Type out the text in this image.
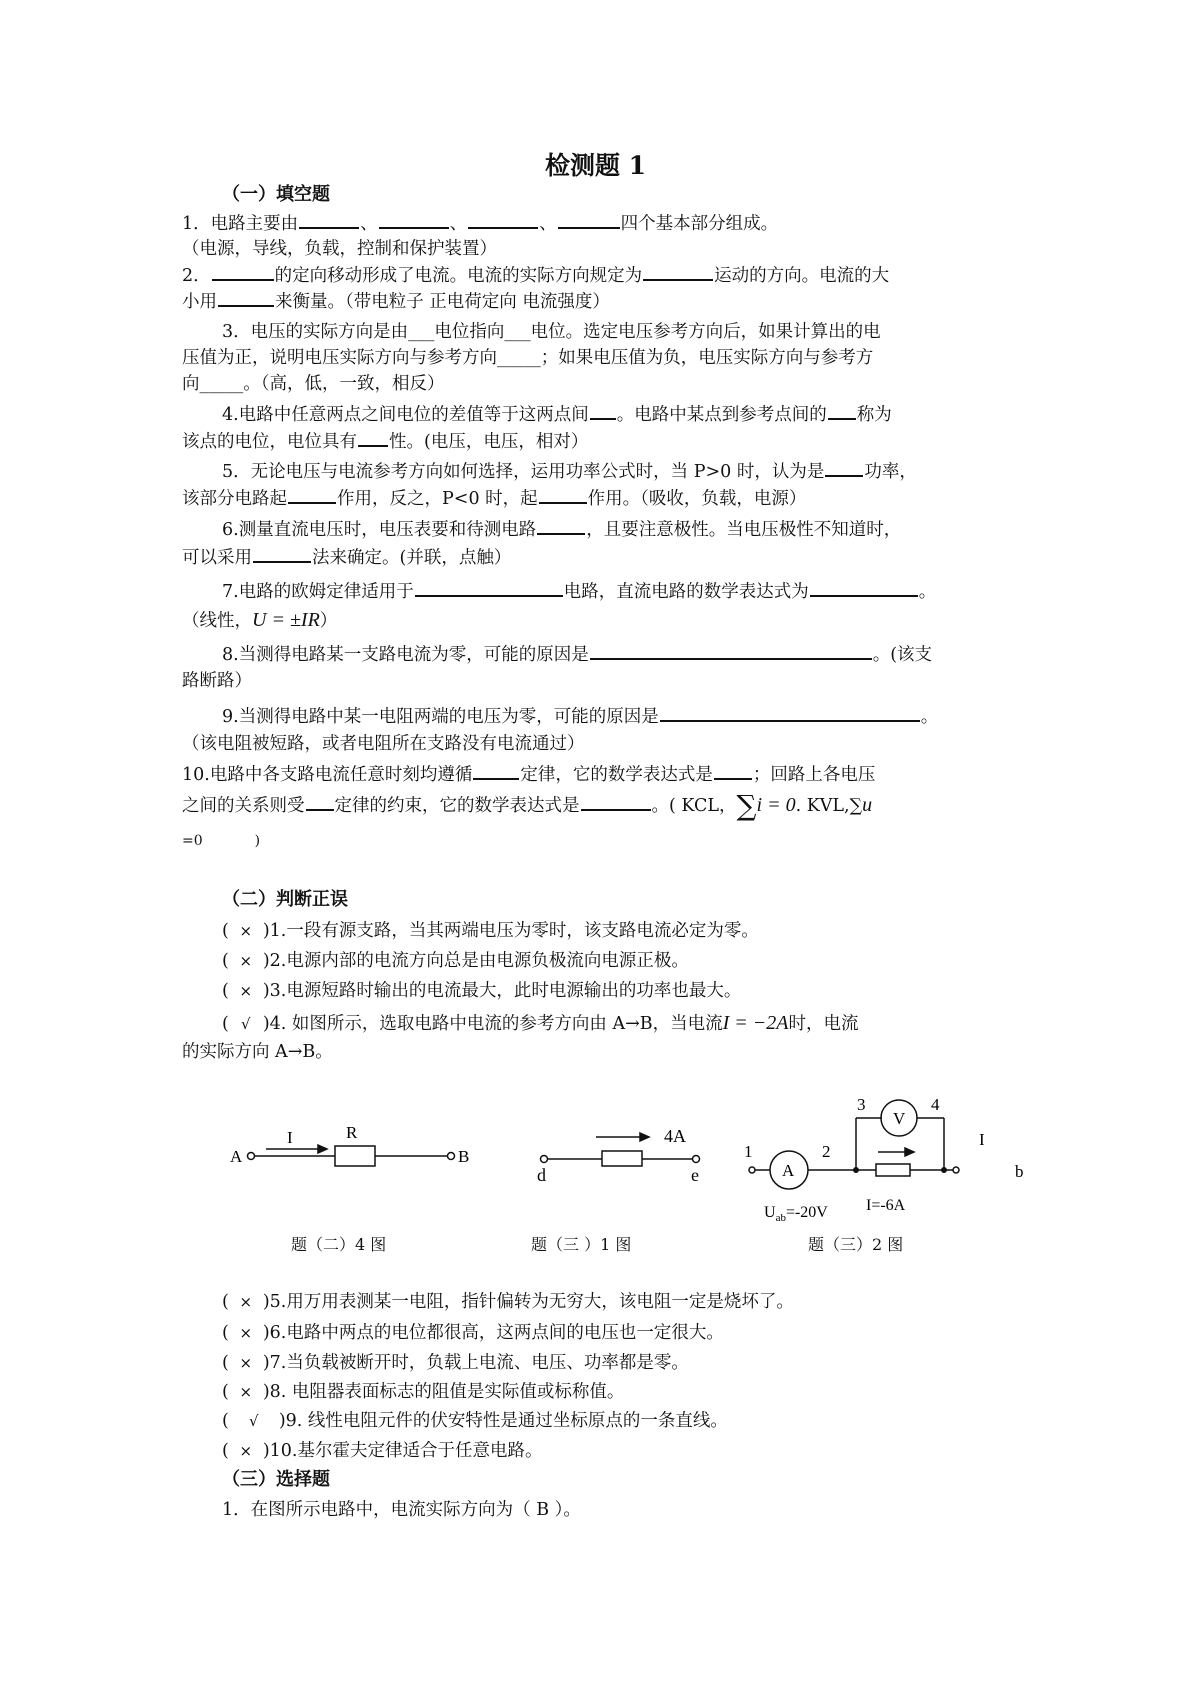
检测题 1
（一）填空题
1．电路主要由	、	、	、	四个基本部分组成。
（电源，导线，负载，控制和保护装置）
2．	的定向移动形成了电流。电流的实际方向规定为	运动的方向。电流的大
小用	来衡量。（带电粒子 正电荷定向 电流强度）
3．电压的实际方向是由___电位指向___电位。选定电压参考方向后，如果计算出的电
压值为正，说明电压实际方向与参考方向_____；如果电压值为负，电压实际方向与参考方
向_____。（高，低，一致，相反）
4.电路中任意两点之间电位的差值等于这两点间 。电路中某点到参考点间的 称为
该点的电位，电位具有 性。(电压，电压，相对）
5．无论电压与电流参考方向如何选择，运用功率公式时，当 P>0 时，认为是 功率，
该部分电路起	作用，反之，P<0 时，起	作用。（吸收，负载，电源）
6.测量直流电压时，电压表要和待测电路	，且要注意极性。当电压极性不知道时，
可以采用	法来确定。(并联，点触）
7.电路的欧姆定律适用于	电路，直流电路的数学表达式为	。
（线性，U = ±IR）
8.当测得电路某一支路电流为零，可能的原因是	。(该支
路断路）
9.当测得电路中某一电阻两端的电压为零，可能的原因是	。
（该电阻被短路，或者电阻所在支路没有电流通过）
10.电路中各支路电流任意时刻均遵循	定律，它的数学表达式是 ；回路上各电压
之间的关系则受 定律的约束，它的数学表达式是	。( KCL，∑i = 0. KVL,∑u
=0	)
（二）判断正误
( × )1.一段有源支路，当其两端电压为零时，该支路电流必定为零。
( × )2.电源内部的电流方向总是由电源负极流向电源正极。
( × )3.电源短路时输出的电流最大，此时电源输出的功率也最大。
( √ )4. 如图所示，选取电路中电流的参考方向由 A→B，当电流I = −2A时，电流
的实际方向 A→B。
A	B
I	R
d	e
4A
A
V
1	2
3	4
I
b
$U_{ab}=-20V$ I=-6A
题（二）4 图	题（三 ）1 图	题（三）2 图
( × )5.用万用表测某一电阻，指针偏转为无穷大，该电阻一定是烧坏了。
( × )6.电路中两点的电位都很高，这两点间的电压也一定很大。
( × )7.当负载被断开时，负载上电流、电压、功率都是零。
( × )8. 电阻器表面标志的阻值是实际值或标称值。
( √ )9. 线性电阻元件的伏安特性是通过坐标原点的一条直线。
( × )10.基尔霍夫定律适合于任意电路。
（三）选择题
1．在图所示电路中，电流实际方向为（ B ）。
